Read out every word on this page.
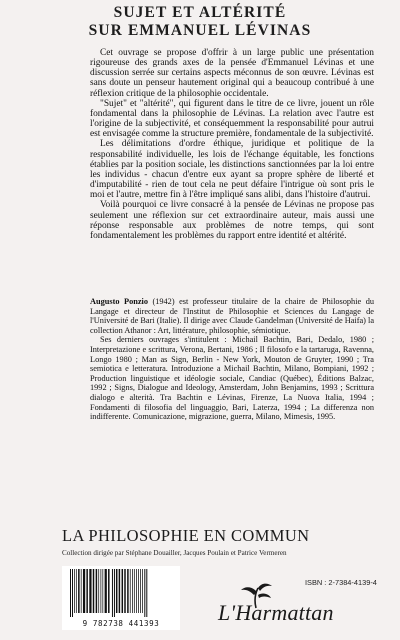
SUJET ET ALTÉRITÉ
SUR EMMANUEL LÉVINAS

Cet ouvrage se propose d'offrir à un large public une présentation rigoureuse des grands axes de la pensée d'Emmanuel Lévinas et une discussion serrée sur certains aspects méconnus de son œuvre. Lévinas est sans doute un penseur hautement original qui a beaucoup contribué à une réflexion critique de la philosophie occidentale.

"Sujet" et "altérité", qui figurent dans le titre de ce livre, jouent un rôle fondamental dans la philosophie de Lévinas. La relation avec l'autre est l'origine de la subjectivité, et conséquemment la responsabilité pour autrui est envisagée comme la structure première, fondamentale de la subjectivité.

Les délimitations d'ordre éthique, juridique et politique de la responsabilité individuelle, les lois de l'échange équitable, les fonctions établies par la position sociale, les distinctions sanctionnées par la loi entre les individus - chacun d'entre eux ayant sa propre sphère de liberté et d'imputabilité - rien de tout cela ne peut défaire l'intrigue où sont pris le moi et l'autre, mettre fin à l'être impliqué sans alibi, dans l'histoire d'autrui.

Voilà pourquoi ce livre consacré à la pensée de Lévinas ne propose pas seulement une réflexion sur cet extraordinaire auteur, mais aussi une réponse responsable aux problèmes de notre temps, qui sont fondamentalement les problèmes du rapport entre identité et altérité.

Augusto Ponzio (1942) est professeur titulaire de la chaire de Philosophie du Langage et directeur de l'Institut de Philosophie et Sciences du Langage de l'Université de Bari (Italie). Il dirige avec Claude Gandelman (Université de Haifa) la collection Athanor : Art, littérature, philosophie, sémiotique.

Ses derniers ouvrages s'intitulent : Michail Bachtin, Bari, Dedalo, 1980 ; Interpretazione e scrittura, Verona, Bertani, 1986 ; Il filosofo e la tartaruga, Ravenna, Longo 1980 ; Man as Sign, Berlin - New York, Mouton de Gruyter, 1990 ; Tra semiotica e letteratura. Introduzione a Michail Bachtin, Milano, Bompiani, 1992 ; Production linguistique et idéologie sociale, Candiac (Québec), Éditions Balzac, 1992 ; Signs, Dialogue and Ideology, Amsterdam, John Benjamins, 1993 ; Scrittura dialogo e alterità. Tra Bachtin e Lévinas, Firenze, La Nuova Italia, 1994 ; Fondamenti di filosofia del linguaggio, Bari, Laterza, 1994 ; La differenza non indifferente. Comunicazione, migrazione, guerra, Milano, Mimesis, 1995.

LA PHILOSOPHIE EN COMMUN
Collection dirigée par Stéphane Douailler, Jacques Poulain et Patrice Vermeren
9 782738 441393	L'Harmattan
ISBN : 2-7384-4139-4
